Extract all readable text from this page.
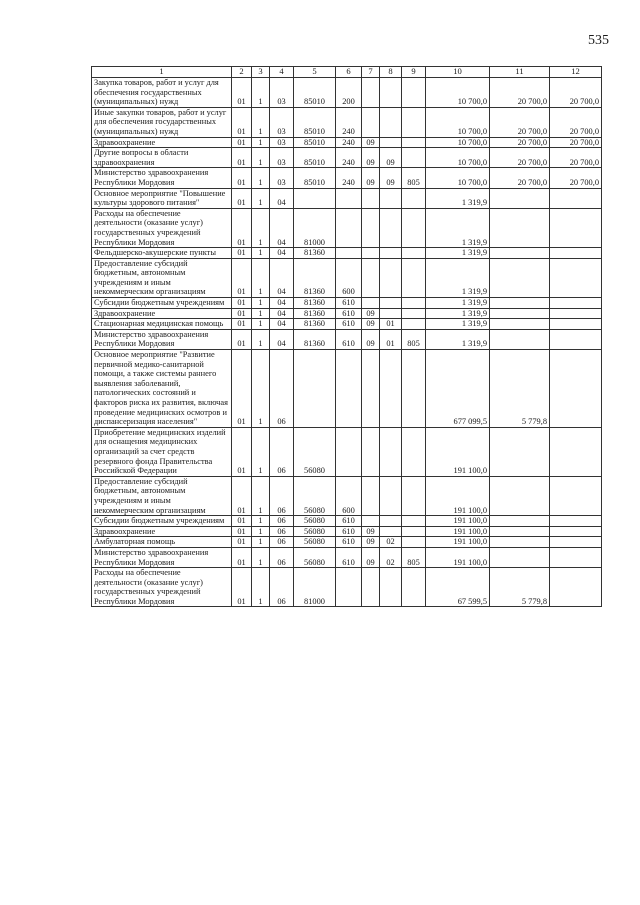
535
1	2	3	4	5	6	7	8	9	10	11	12
Закупка товаров, работ и услуг для обеспечения государственных (муниципальных) нужд	01	1	03	85010	200				10 700,0	20 700,0	20 700,0
Иные закупки товаров, работ и услуг для обеспечения государственных (муниципальных) нужд	01	1	03	85010	240				10 700,0	20 700,0	20 700,0
Здравоохранение	01	1	03	85010	240	09			10 700,0	20 700,0	20 700,0
Другие вопросы в области здравоохранения	01	1	03	85010	240	09	09		10 700,0	20 700,0	20 700,0
Министерство здравоохранения Республики Мордовия	01	1	03	85010	240	09	09	805	10 700,0	20 700,0	20 700,0
Основное мероприятие "Повышение культуры здорового питания"	01	1	04						1 319,9		
Расходы на обеспечение деятельности (оказание услуг) государственных учреждений Республики Мордовия	01	1	04	81000					1 319,9		
Фельдшерско-акушерские пункты	01	1	04	81360					1 319,9		
Предоставление субсидий бюджетным, автономным учреждениям и иным некоммерческим организациям	01	1	04	81360	600				1 319,9		
Субсидии бюджетным учреждениям	01	1	04	81360	610				1 319,9		
Здравоохранение	01	1	04	81360	610	09			1 319,9		
Стационарная медицинская помощь	01	1	04	81360	610	09	01		1 319,9		
Министерство здравоохранения Республики Мордовия	01	1	04	81360	610	09	01	805	1 319,9		
Основное мероприятие "Развитие первичной медико-санитарной помощи, а также системы раннего выявления заболеваний, патологических состояний и факторов риска их развития, включая проведение медицинских осмотров и диспансеризация населения"	01	1	06						677 099,5	5 779,8	
Приобретение медицинских изделий для оснащения медицинских организаций за счет средств резервного фонда Правительства Российской Федерации	01	1	06	56080					191 100,0		
Предоставление субсидий бюджетным, автономным учреждениям и иным некоммерческим организациям	01	1	06	56080	600				191 100,0		
Субсидии бюджетным учреждениям	01	1	06	56080	610				191 100,0		
Здравоохранение	01	1	06	56080	610	09			191 100,0		
Амбулаторная помощь	01	1	06	56080	610	09	02		191 100,0		
Министерство здравоохранения Республики Мордовия	01	1	06	56080	610	09	02	805	191 100,0		
Расходы на обеспечение деятельности (оказание услуг) государственных учреждений Республики Мордовия	01	1	06	81000					67 599,5	5 779,8	
